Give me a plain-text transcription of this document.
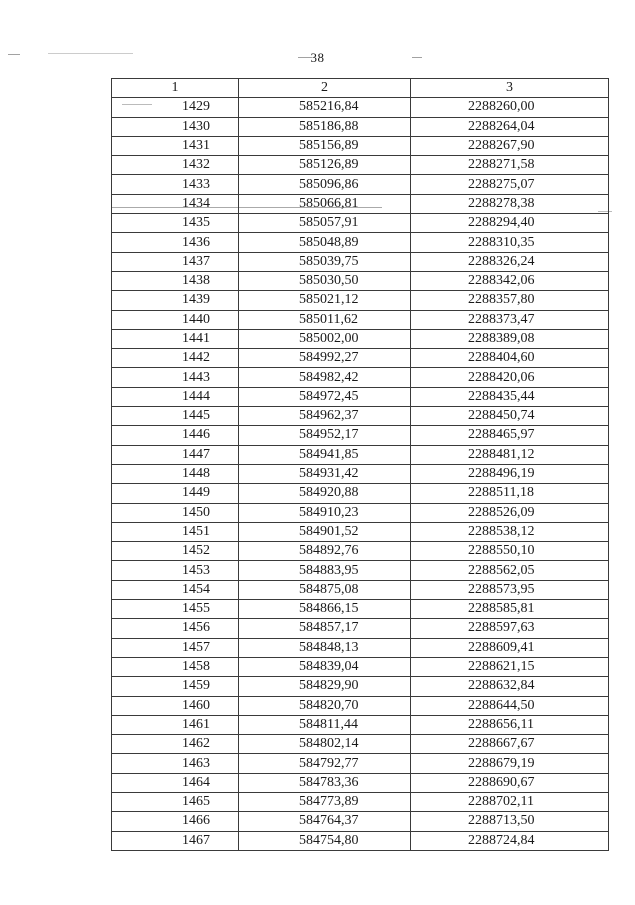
38
1	2	3
1429	585216,84	2288260,00
1430	585186,88	2288264,04
1431	585156,89	2288267,90
1432	585126,89	2288271,58
1433	585096,86	2288275,07
1434	585066,81	2288278,38
1435	585057,91	2288294,40
1436	585048,89	2288310,35
1437	585039,75	2288326,24
1438	585030,50	2288342,06
1439	585021,12	2288357,80
1440	585011,62	2288373,47
1441	585002,00	2288389,08
1442	584992,27	2288404,60
1443	584982,42	2288420,06
1444	584972,45	2288435,44
1445	584962,37	2288450,74
1446	584952,17	2288465,97
1447	584941,85	2288481,12
1448	584931,42	2288496,19
1449	584920,88	2288511,18
1450	584910,23	2288526,09
1451	584901,52	2288538,12
1452	584892,76	2288550,10
1453	584883,95	2288562,05
1454	584875,08	2288573,95
1455	584866,15	2288585,81
1456	584857,17	2288597,63
1457	584848,13	2288609,41
1458	584839,04	2288621,15
1459	584829,90	2288632,84
1460	584820,70	2288644,50
1461	584811,44	2288656,11
1462	584802,14	2288667,67
1463	584792,77	2288679,19
1464	584783,36	2288690,67
1465	584773,89	2288702,11
1466	584764,37	2288713,50
1467	584754,80	2288724,84
